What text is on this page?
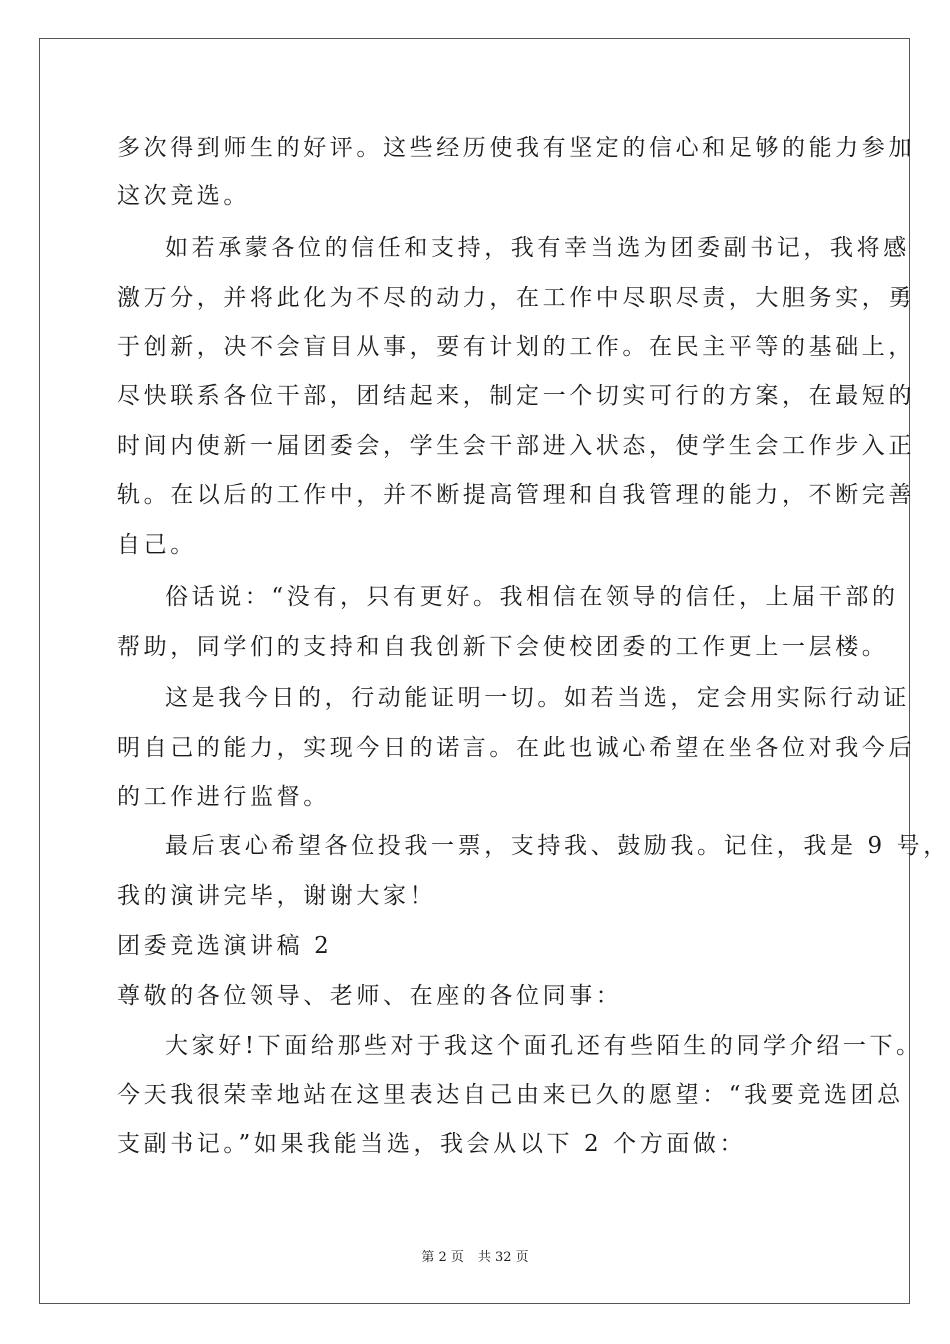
多次得到师生的好评。这些经历使我有坚定的信心和足够的能力参加
这次竞选。
如若承蒙各位的信任和支持，我有幸当选为团委副书记，我将感
激万分，并将此化为不尽的动力，在工作中尽职尽责，大胆务实，勇
于创新，决不会盲目从事，要有计划的工作。在民主平等的基础上，
尽快联系各位干部，团结起来，制定一个切实可行的方案，在最短的
时间内使新一届团委会，学生会干部进入状态，使学生会工作步入正
轨。在以后的工作中，并不断提高管理和自我管理的能力，不断完善
自己。
俗话说：“没有，只有更好。我相信在领导的信任，上届干部的
帮助，同学们的支持和自我创新下会使校团委的工作更上一层楼。
这是我今日的，行动能证明一切。如若当选，定会用实际行动证
明自己的能力，实现今日的诺言。在此也诚心希望在坐各位对我今后
的工作进行监督。
最后衷心希望各位投我一票，支持我、鼓励我。记住，我是 9 号，
我的演讲完毕，谢谢大家！
团委竞选演讲稿 2
尊敬的各位领导、老师、在座的各位同事：
大家好!下面给那些对于我这个面孔还有些陌生的同学介绍一下。
今天我很荣幸地站在这里表达自己由来已久的愿望：“我要竞选团总
支副书记。”如果我能当选，我会从以下 2 个方面做：
第 2 页 共 32 页
